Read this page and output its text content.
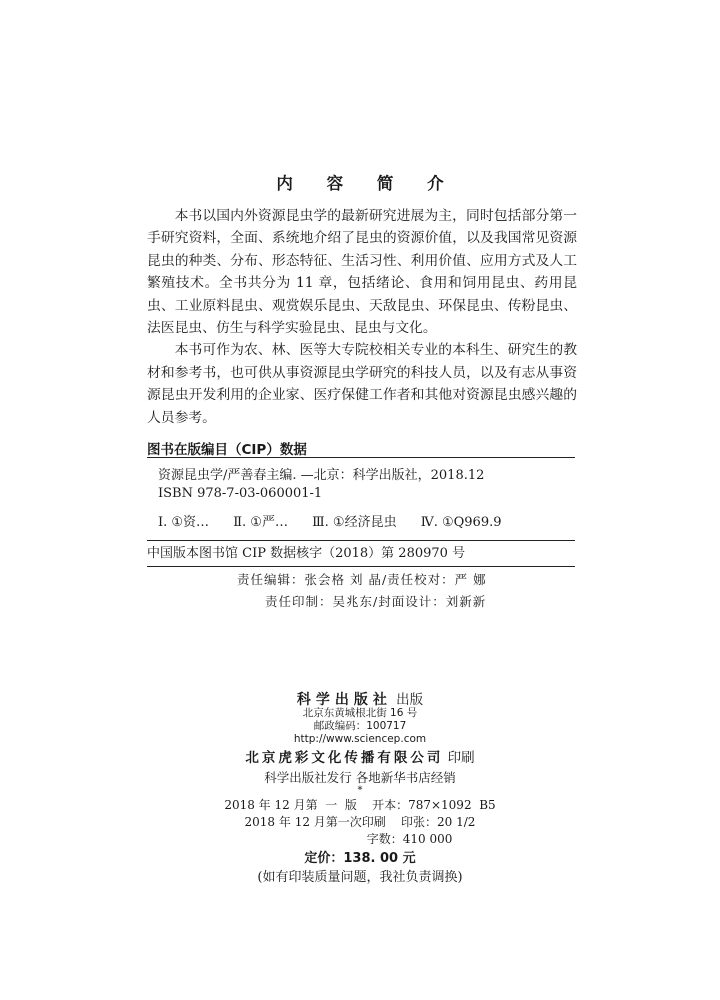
内 容 简 介

本书以国内外资源昆虫学的最新研究进展为主，同时包括部分第一手研究资料，全面、系统地介绍了昆虫的资源价值，以及我国常见资源昆虫的种类、分布、形态特征、生活习性、利用价值、应用方式及人工繁殖技术。全书共分为 11 章，包括绪论、食用和饲用昆虫、药用昆虫、工业原料昆虫、观赏娱乐昆虫、天敌昆虫、环保昆虫、传粉昆虫、法医昆虫、仿生与科学实验昆虫、昆虫与文化。

本书可作为农、林、医等大专院校相关专业的本科生、研究生的教材和参考书，也可供从事资源昆虫学研究的科技人员，以及有志从事资源昆虫开发利用的企业家、医疗保健工作者和其他对资源昆虫感兴趣的人员参考。

图书在版编目（CIP）数据
资源昆虫学/严善春主编. —北京：科学出版社，2018.12
ISBN 978-7-03-060001-1
Ⅰ. ①资… Ⅱ. ①严… Ⅲ. ①经济昆虫 Ⅳ. ①Q969.9
中国版本图书馆 CIP 数据核字（2018）第 280970 号
责任编辑：张会格 刘 晶/责任校对：严 娜
责任印制：吴兆东/封面设计：刘新新
科学出版社 出版
北京东黄城根北街 16 号
邮政编码：100717
http://www.sciencep.com
北京虎彩文化传播有限公司 印刷
科学出版社发行 各地新华书店经销
*
2018 年 12 月第  一  版    开本：787×1092  B5
2018 年 12 月第一次印刷    印张：20 1/2
字数：410 000
定价：138. 00 元
(如有印装质量问题，我社负责调换)
